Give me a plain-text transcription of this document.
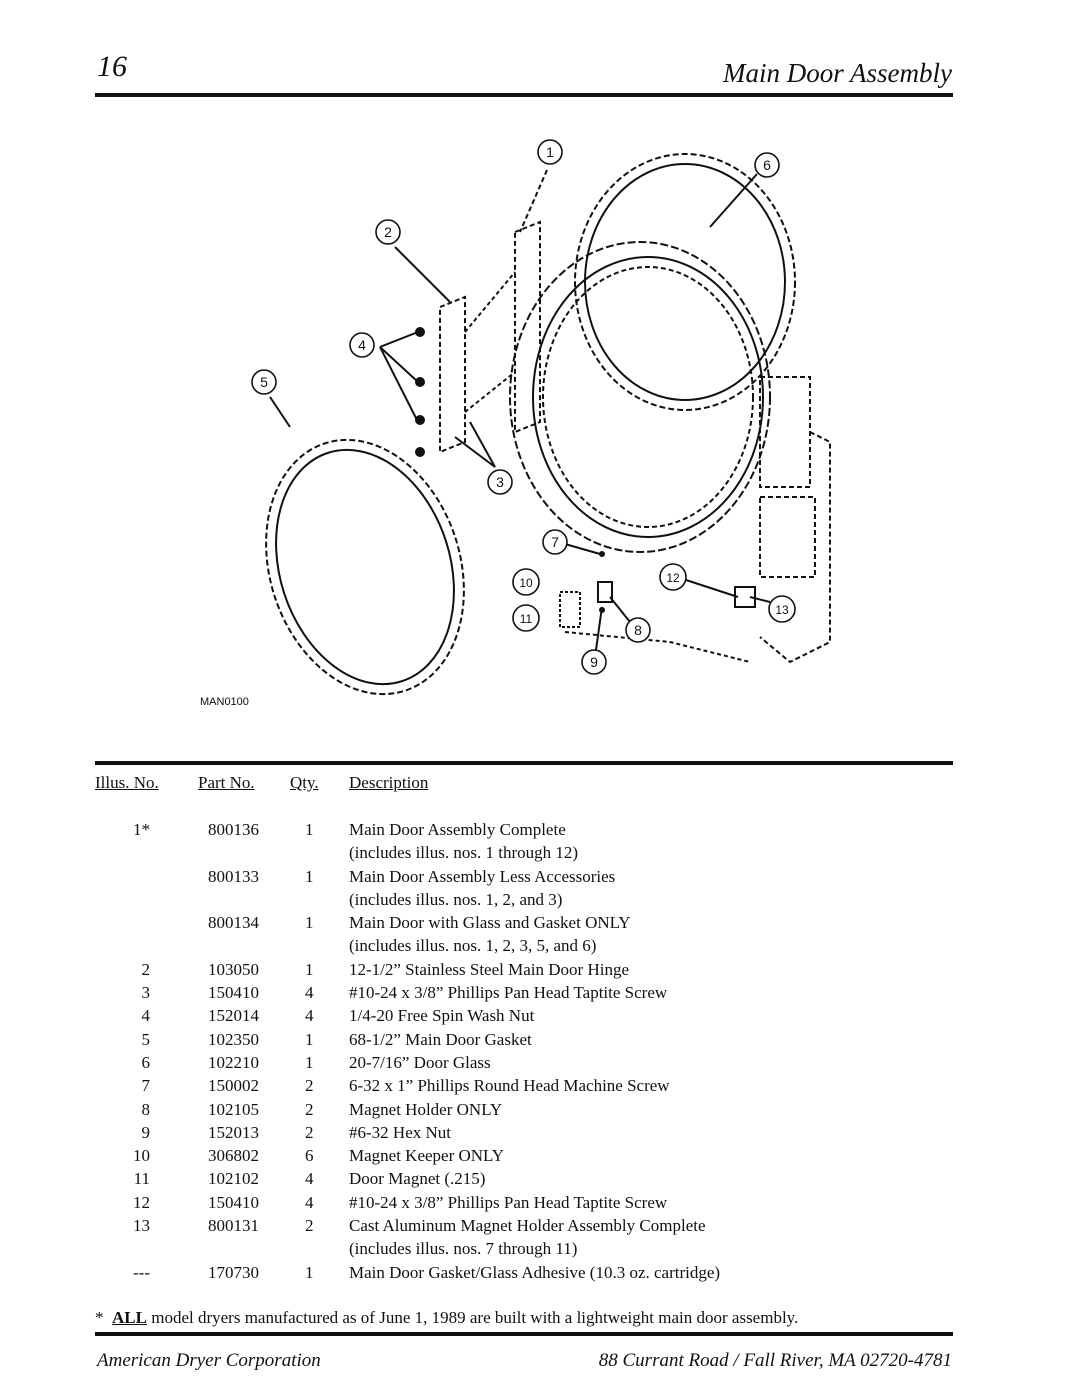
16	Main Door Assembly
1
2
3
4
5
6
7
8
9
10
11
12
13
MAN0100
Illus. No. Part No. Qty. Description
1*	800136	1 Main Door Assembly Complete
(includes illus. nos. 1 through 12)
800133	1 Main Door Assembly Less Accessories
(includes illus. nos. 1, 2, and 3)
800134	1 Main Door with Glass and Gasket ONLY
(includes illus. nos. 1, 2, 3, 5, and 6)
2	103050	1 12-1/2” Stainless Steel Main Door Hinge
3	150410	4 #10-24 x 3/8” Phillips Pan Head Taptite Screw
4	152014	4 1/4-20 Free Spin Wash Nut
5	102350	1 68-1/2” Main Door Gasket
6	102210	1 20-7/16” Door Glass
7	150002	2 6-32 x 1” Phillips Round Head Machine Screw
8	102105	2 Magnet Holder ONLY
9	152013	2 #6-32 Hex Nut
10	306802	6 Magnet Keeper ONLY
11	102102	4 Door Magnet (.215)
12	150410	4 #10-24 x 3/8” Phillips Pan Head Taptite Screw
13	800131	2 Cast Aluminum Magnet Holder Assembly Complete
(includes illus. nos. 7 through 11)
---	170730	1 Main Door Gasket/Glass Adhesive (10.3 oz. cartridge)
* ALL model dryers manufactured as of June 1, 1989 are built with a lightweight main door assembly.
American Dryer Corporation	88 Currant Road / Fall River, MA 02720-4781
